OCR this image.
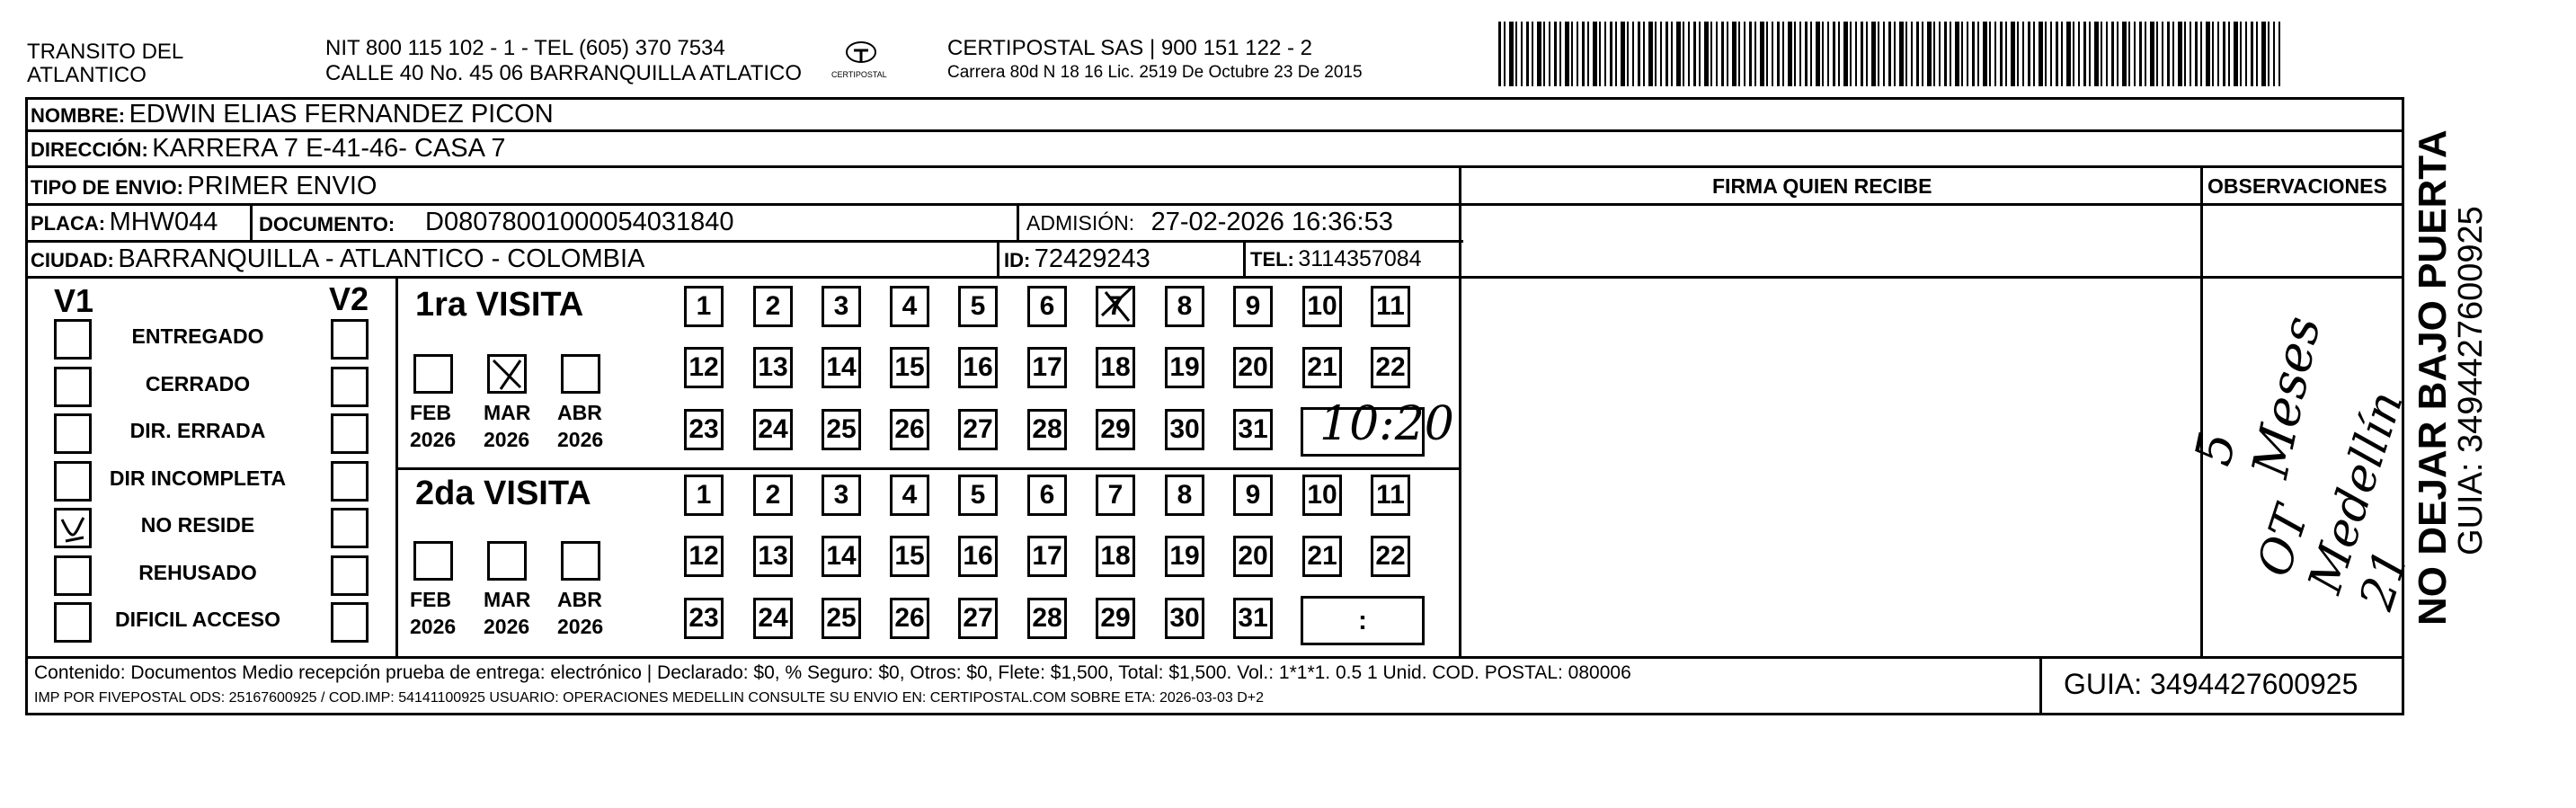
TRANSITO DEL
ATLANTICO
NIT 800 115 102 - 1 - TEL (605) 370 7534
CALLE 40 No. 45 06 BARRANQUILLA ATLATICO	CERTIPOSTAL
CERTIPOSTAL SAS | 900 151 122 - 2
Carrera 80d N 18 16 Lic. 2519 De Octubre 23 De 2015
NOMBRE: EDWIN ELIAS FERNANDEZ PICON
DIRECCIÓN: KARRERA 7 E-41-46- CASA 7
TIPO DE ENVIO: PRIMER ENVIO
PLACA: MHW044 DOCUMENTO: D08078001000054031840	ADMISIÓN: 27-02-2026 16:36:53
CIUDAD: BARRANQUILLA - ATLANTICO - COLOMBIA	ID: 72429243	TEL: 3114357084
FIRMA QUIEN RECIBE	OBSERVACIONES
V1	V2
ENTREGADO
CERRADO
DIR. ERRADA
DIR INCOMPLETA
NO RESIDE
REHUSADO
DIFICIL ACCESO
1ra VISITA
2da VISITA
FEB
2026
MAR
2026
ABR
2026
FEB
2026
MAR
2026
ABR
2026
1 2 3 4 5 6 7 8 9 10 11
12 13 14 15 16 17 18 19 20 21 22
23 24 25 26 27 28 29 30 31
1 2 3 4 5 6 7 8 9 10 11
12 13 14 15 16 17 18 19 20 21 22
23 24 25 26 27 28 29 30 31
10:20
:
5 Meses
OT Medellín 21
Contenido: Documentos Medio recepción prueba de entrega: electrónico | Declarado: $0, % Seguro: $0, Otros: $0, Flete: $1,500, Total: $1,500. Vol.: 1*1*1. 0.5 1 Unid. COD. POSTAL: 080006
IMP POR FIVEPOSTAL ODS: 25167600925 / COD.IMP: 54141100925 USUARIO: OPERACIONES MEDELLIN CONSULTE SU ENVIO EN: CERTIPOSTAL.COM SOBRE ETA: 2026-03-03 D+2	GUIA: 3494427600925
NO DEJAR BAJO PUERTA
GUIA: 3494427600925
